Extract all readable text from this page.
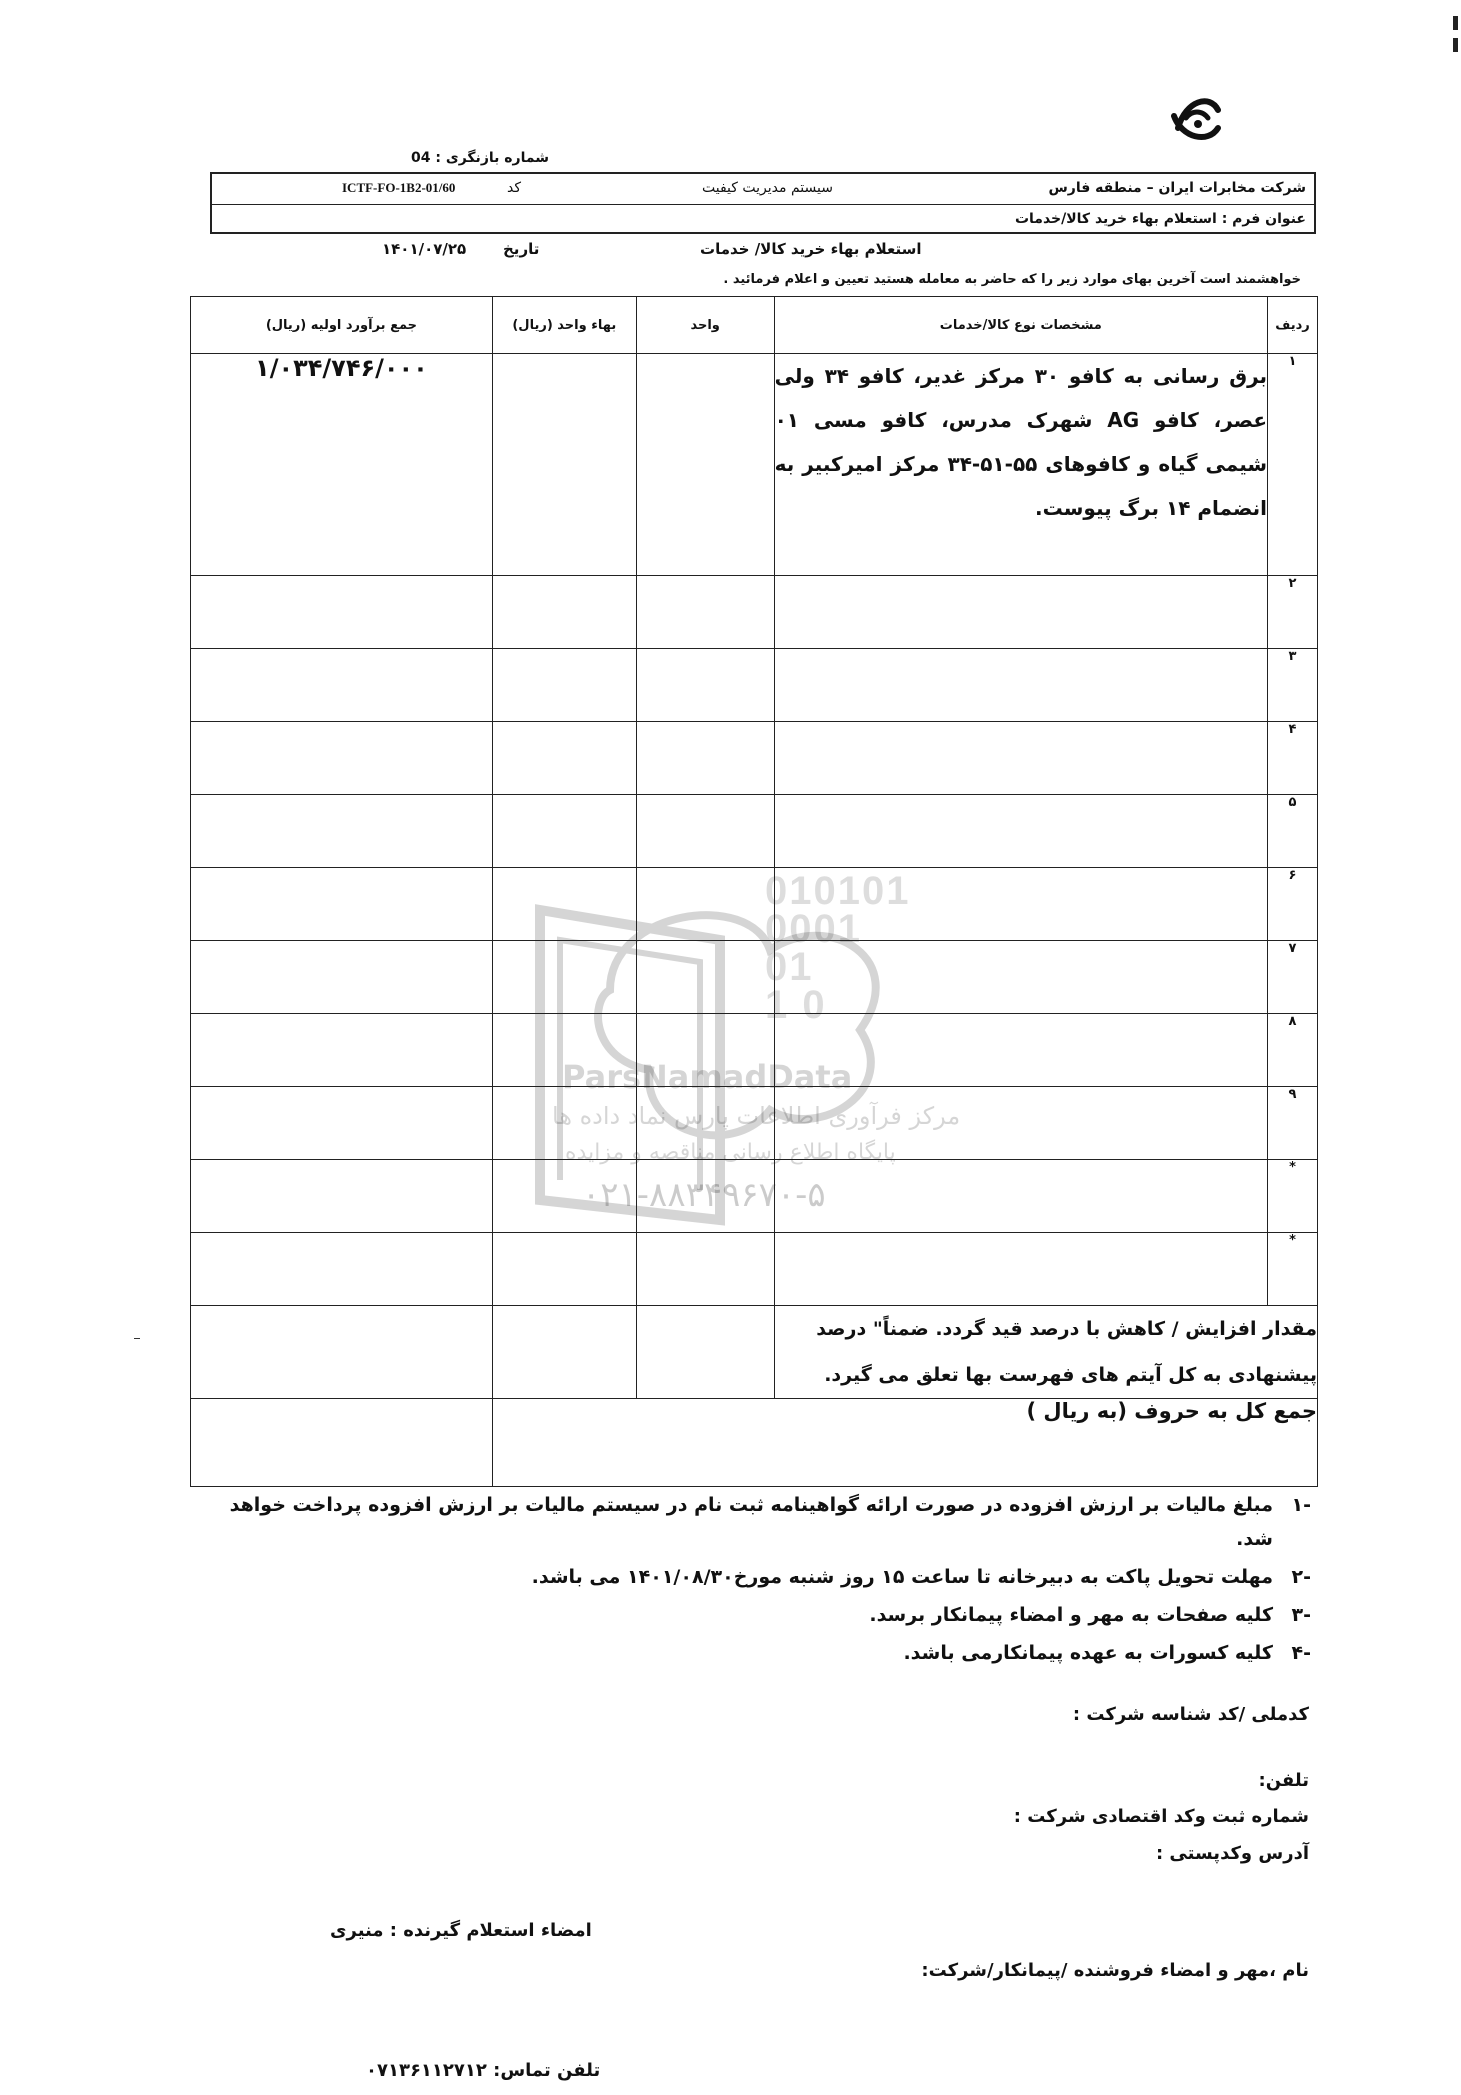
شماره بازنگری : 04
شرکت مخابرات ایران – منطقه فارس
سیستم مدیریت کیفیت
کد
ICTF-FO-1B2-01/60
عنوان فرم : استعلام بهاء خرید کالا/خدمات
استعلام بهاء خرید کالا/ خدمات
تاریخ
۱۴۰۱/۰۷/۲۵
خواهشمند است آخرین بهای موارد زیر را که حاضر به معامله هستید تعیین و اعلام فرمائید .
010101
0001
01
1 0
ParsNamadData
مرکز فرآوری اطلاعات پارس نماد داده ها
پایگاه اطلاع رسانی مناقصه و مزایده
۰۲۱-۸۸۳۴۹۶۷۰-۵
ردیف	مشخصات نوع کالا/خدمات	واحد	بهاء واحد (ریال)	جمع برآورد اولیه (ریال)
۱	برق رسانی به کافو ۳۰ مرکز غدیر، کافو ۳۴ ولی عصر، کافو AG شهرک مدرس، کافو مسی ۰۱ شیمی گیاه و کافوهای ۵۵-۵۱-۳۴ مرکز امیرکبیر به انضمام ۱۴ برگ پیوست.			۱/۰۳۴/۷۴۶/۰۰۰
۲				
۳				
۴				
۵				
۶				
۷				
۸				
۹				
*				
*				
مقدار افزایش / کاهش با درصد قید گردد. ضمناً" درصد پیشنهادی به کل آیتم های فهرست بها تعلق می گیرد.				
جمع کل به حروف (به ریال )				
-۱
مبلغ مالیات بر ارزش افزوده در صورت ارائه گواهینامه ثبت نام در سیستم مالیات بر ارزش افزوده پرداخت خواهد شد.
-۲
مهلت تحویل پاکت به دبیرخانه تا ساعت ۱۵ روز شنبه مورخ۱۴۰۱/۰۸/۳۰ می باشد.
-۳
کلیه صفحات به مهر و امضاء پیمانکار برسد.
-۴
کلیه کسورات به عهده پیمانکارمی باشد.
کدملی /کد شناسه شرکت :
تلفن:
شماره ثبت وکد اقتصادی شرکت :
آدرس وکدپستی :
امضاء استعلام گیرنده : منیری
نام ،مهر و امضاء فروشنده /پیمانکار/شرکت:
تلفن تماس: ۰۷۱۳۶۱۱۲۷۱۲
